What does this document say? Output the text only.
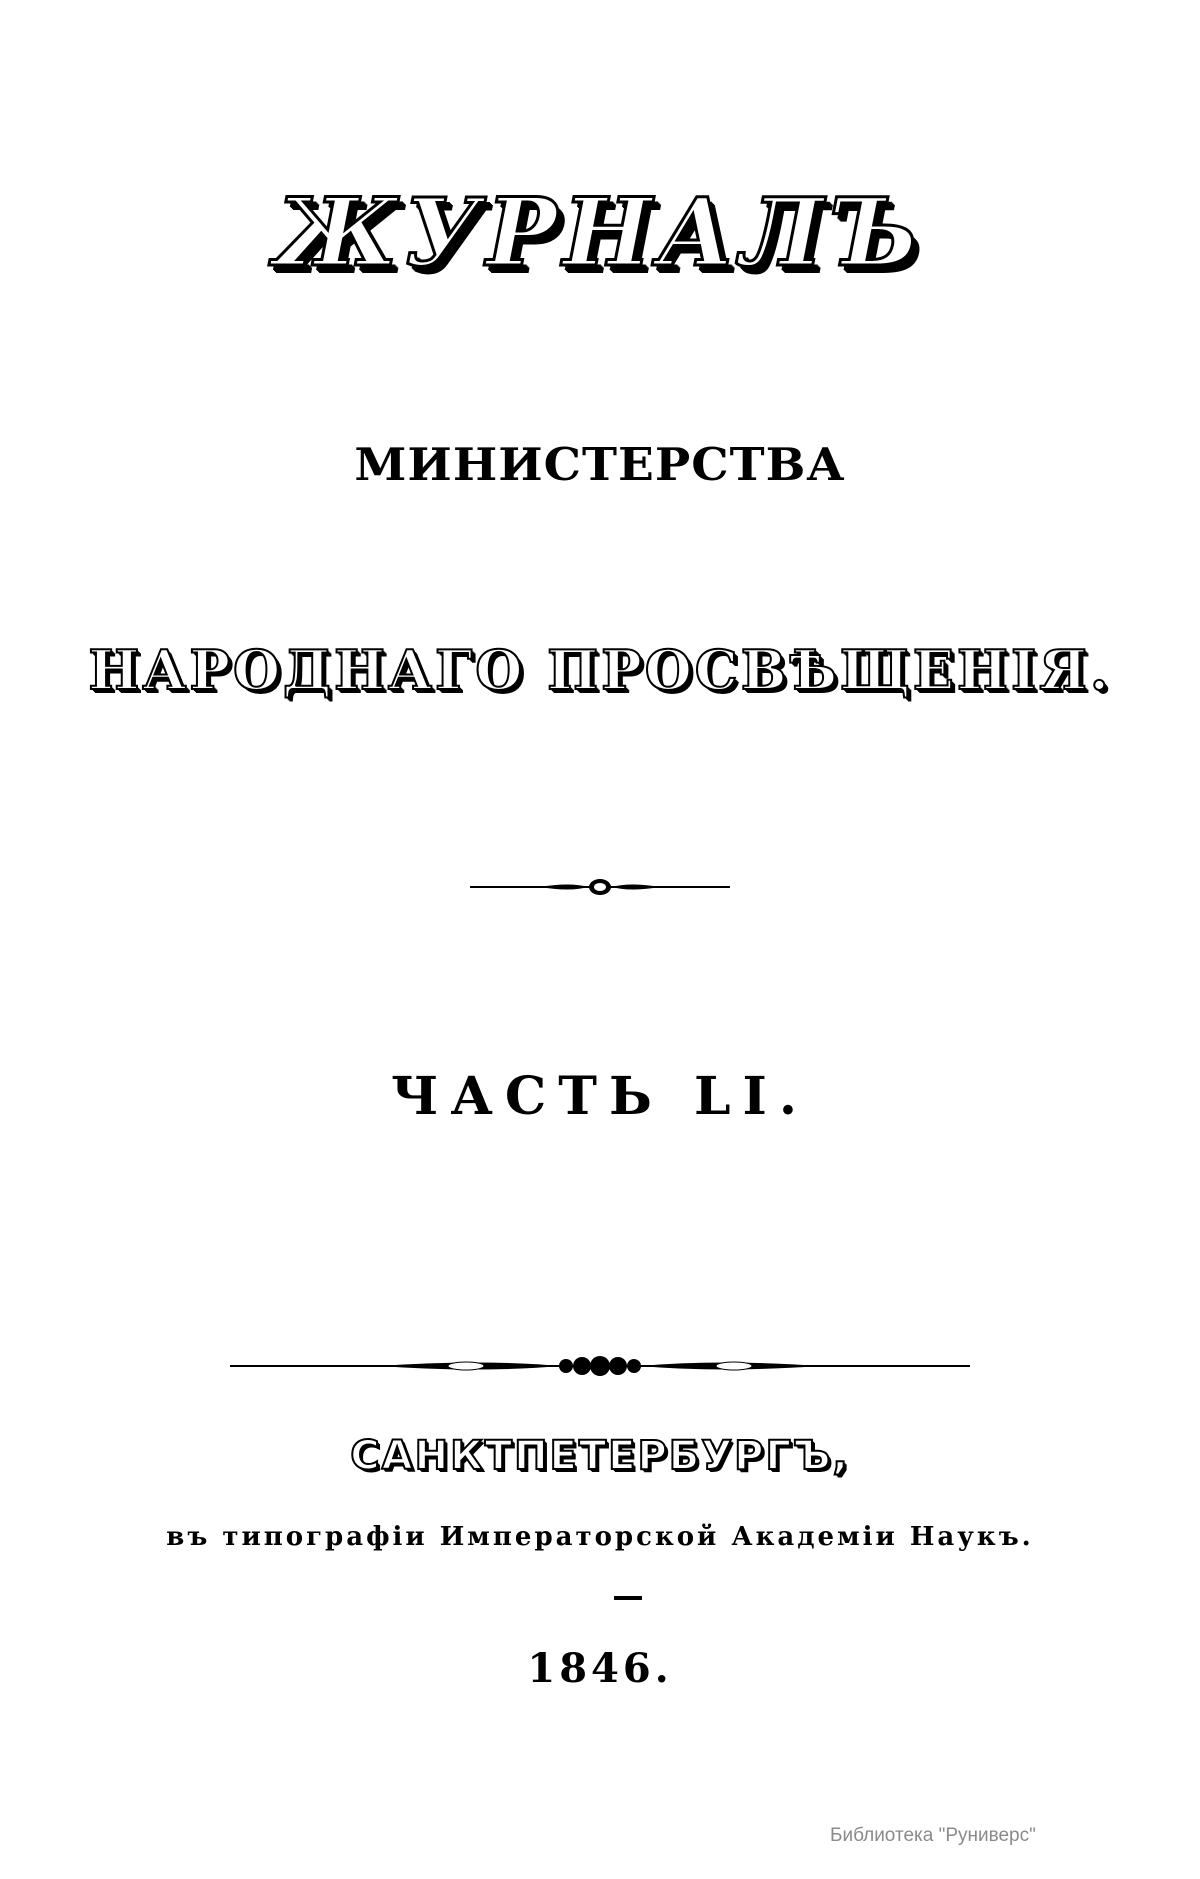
ЖУРНАЛЪ
МИНИСТЕРСТВА
НАРОДНАГО ПРОСВѢЩЕНІЯ.
ЧАСТЬ LI.
САНКТПЕТЕРБУРГЪ,
въ типографіи Императорской Академіи Наукъ.
1846.
Библиотека "Руниверс"
